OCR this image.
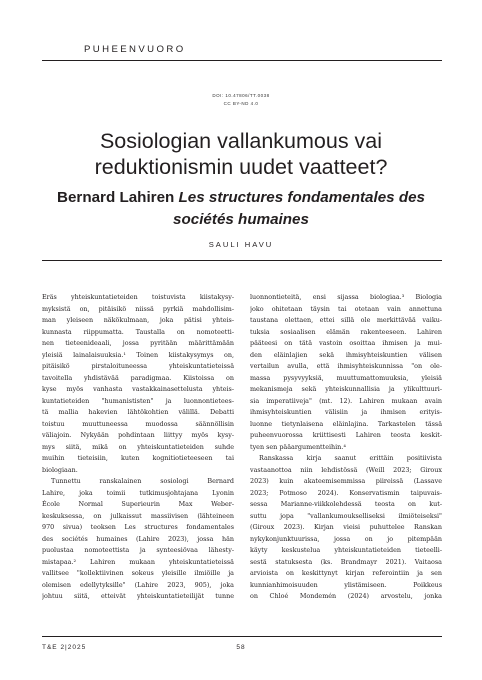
PUHEENVUORO
DOI: 10.47806/TT.0038
CC BY-ND 4.0
Sosiologian vallankumous vai reduktionismin uudet vaatteet?
Bernard Lahiren Les structures fondamentales des sociétés humaines
SAULI HAVU
Eräs yhteiskuntatieteiden toistuvista kiistakysy-
myksistä on, pitäisikö niissä pyrkiä mahdollisim-
man yleiseen näkökulmaan, joka pätisi yhteis-
kunnasta riippumatta. Taustalla on nomoteetti-
nen tieteenideaali, jossa pyritään määrittämään
yleisiä lainalaisuuksia.¹ Toinen kiistakysymys on,
pitäisikö pirstaloituneessa yhteiskuntatieteissä
tavoitella yhdistävää paradigmaa. Kiistoissa on
kyse myös vanhasta vastakkainasettelusta yhteis-
kuntatieteiden "humanististen" ja luonnontietees-
tä mallia hakevien lähtökohtien välillä. Debatti
toistuu muuttuneessa muodossa säännöllisin
väliajoin. Nykyään pohdintaan liittyy myös kysy-
mys siitä, mikä on yhteiskuntatieteiden suhde
muihin tieteisiin, kuten kognitiotieteeseen tai
biologiaan.
Tunnettu ranskalainen sosiologi Bernard
Lahire, joka toimii tutkimusjohtajana Lyonin
École Normal Superieurin Max Weber-
keskuksessa, on julkaissut massiivisen (lähteineen
970 sivua) teoksen Les structures fondamentales
des sociétés humaines (Lahire 2023), jossa hän
puolustaa nomoteettista ja synteesiövaa lähesty-
mistapaa.² Lahiren mukaan yhteiskuntatieteissä
vallitsee "kollektiivinen sokeus yleisille ilmiöille ja
olemisen edellytyksille" (Lahire 2023, 905), joka
johtuu siitä, etteivät yhteiskuntatieteilijät tunne
luonnontieteitä, ensi sijassa biologiaa.³ Biologia
joko ohitetaan täysin tai otetaan vain annettuna
taustana olettaen, ettei sillä ole merkittävää vaiku-
tuksia sosiaalisen elämän rakenteeseen. Lahiren
pääteesi on tätä vastoin osoittaa ihmisen ja mui-
den eläinlajien sekä ihmisyhteiskuntien välisen
vertailun avulla, että ihmisyhteiskunnissa "on ole-
massa pysyvyyksiä, muuttumattomuuksia, yleisiä
mekanismeja sekä yhteiskunnallisia ja ylikulttuuri-
sia imperatiiveja" (mt. 12). Lahiren mukaan avain
ihmisyhteiskuntien välisiin ja ihmisen erityis-
luonne tietynlaisena eläinlajina. Tarkastelen tässä
puheenvuorossa kriittisesti Lahiren teosta keskit-
tyen sen pääargumentteihin.⁴
Ranskassa kirja saanut erittäin positiivista
vastaanottoa niin lehdistössä (Weill 2023; Giroux
2023) kuin akateemisemmissa piireissä (Lassave
2023; Potmoso 2024). Konservatismin taipuvais-
sessa Marianne-viikkolehdessä teosta on kut-
suttu jopa "vallankumoukselliseksi ilmiöteiseksi"
(Giroux 2023). Kirjan vieisi puhutteleе Ranskan
nykykonjunktuurissa, jossa on jo pitempään
käyty keskustelua yhteiskuntatieteiden tieteelli-
sestä statuksesta (ks. Brandmayr 2021). Vaitaosa
arvioista on keskittynyt kirjan referointiin ja sen
kunnianhimoisuuden ylistämiseen. Poikkeus
on Chloé Mondemén (2024) arvostelu, jonka
T&E 2|2025	58
